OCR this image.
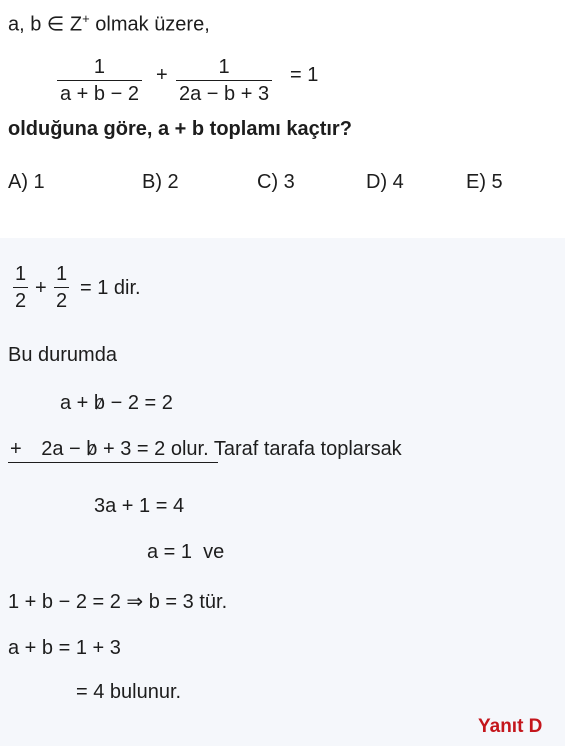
a, b ∈ Z+ olmak üzere,
$\frac{1}{a + b - 2} + \frac{1}{2a - b + 3} = 1$
olduğuna göre, a + b toplamı kaçtır?
A) 1	B) 2	C) 3	D) 4	E) 5
$\frac{1}{2} + \frac{1}{2} = 1$ dir.
Bu durumda
a + b − 2 = 2
+ 2a − b + 3 = 2 olur. Taraf tarafa toplarsak
3a + 1 = 4
a = 1  ve
1 + b − 2 = 2 ⇒ b = 3 tür.
a + b = 1 + 3
= 4 bulunur.
Yanıt D
